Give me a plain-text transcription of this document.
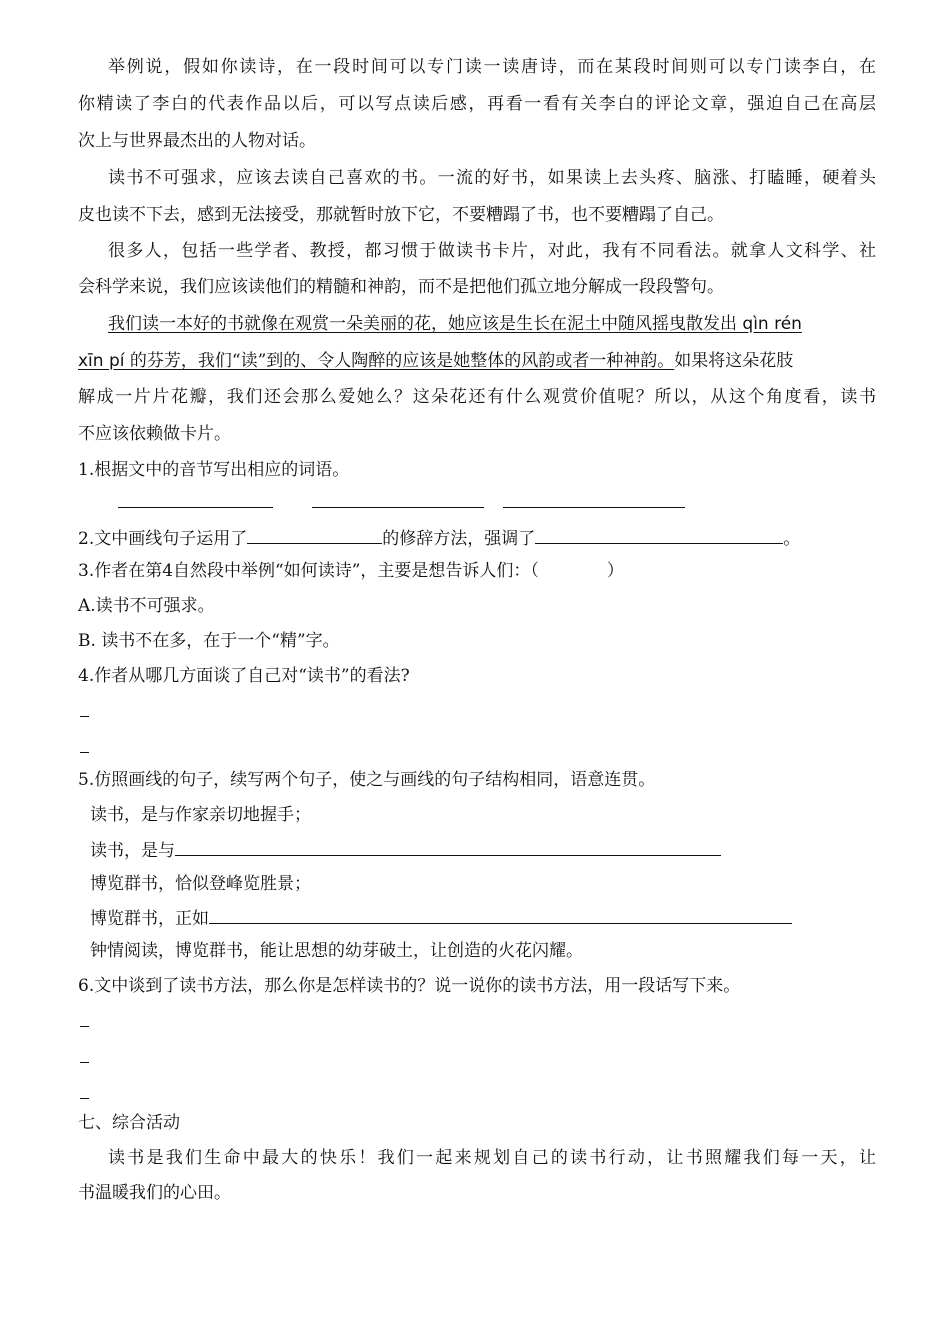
举例说，假如你读诗，在一段时间可以专门读一读唐诗，而在某段时间则可以专门读李白，在
你精读了李白的代表作品以后，可以写点读后感，再看一看有关李白的评论文章，强迫自己在高层
次上与世界最杰出的人物对话。
读书不可强求，应该去读自己喜欢的书。一流的好书，如果读上去头疼、脑涨、打瞌睡，硬着头
皮也读不下去，感到无法接受，那就暂时放下它，不要糟蹋了书，也不要糟蹋了自己。
很多人，包括一些学者、教授，都习惯于做读书卡片，对此，我有不同看法。就拿人文科学、社
会科学来说，我们应该读他们的精髓和神韵，而不是把他们孤立地分解成一段段警句。
我们读一本好的书就像在观赏一朵美丽的花，她应该是生长在泥土中随风摇曳散发出 qìn rén
xīn pí 的芬芳，我们“读”到的、令人陶醉的应该是她整体的风韵或者一种神韵。如果将这朵花肢
解成一片片花瓣，我们还会那么爱她么？这朵花还有什么观赏价值呢？所以，从这个角度看，读书
不应该依赖做卡片。
1.根据文中的音节写出相应的词语。
2.文中画线句子运用了	的修辞方法，强调了	。
3.作者在第4自然段中举例“如何读诗”，主要是想告诉人们：（　　　　）
A.读书不可强求。
B. 读书不在多，在于一个“精”字。
4.作者从哪几方面谈了自己对“读书”的看法?
5.仿照画线的句子，续写两个句子，使之与画线的句子结构相同，语意连贯。
读书，是与作家亲切地握手；
读书，是与
博览群书，恰似登峰览胜景；
博览群书，正如
钟情阅读，博览群书，能让思想的幼芽破土，让创造的火花闪耀。
6.文中谈到了读书方法，那么你是怎样读书的？说一说你的读书方法，用一段话写下来。
七、综合活动
读书是我们生命中最大的快乐！我们一起来规划自己的读书行动，让书照耀我们每一天，让
书温暖我们的心田。
